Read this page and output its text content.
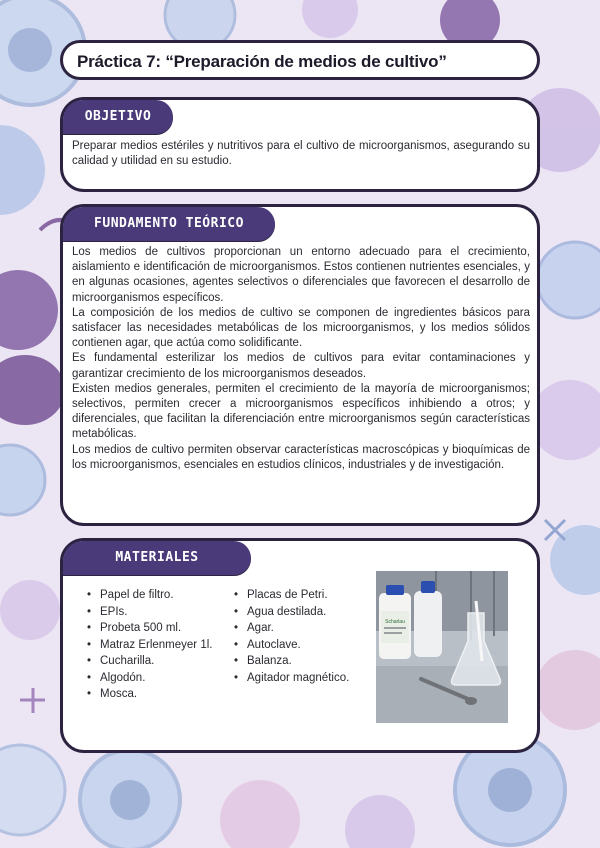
Práctica 7: “Preparación de medios de cultivo”
OBJETIVO
Preparar medios estériles y nutritivos para el cultivo de microorganismos, asegurando su calidad y utilidad en su estudio.
FUNDAMENTO TEÓRICO

Los medios de cultivos proporcionan un entorno adecuado para el crecimiento, aislamiento e identificación de microorganismos. Estos contienen nutrientes esenciales, y en algunas ocasiones, agentes selectivos o diferenciales que favorecen el desarrollo de microorganismos específicos.

La composición de los medios de cultivo se componen de ingredientes básicos para satisfacer las necesidades metabólicas de los microorganismos, y los medios sólidos contienen agar, que actúa como solidificante.

Es fundamental esterilizar los medios de cultivos para evitar contaminaciones y garantizar crecimiento de los microorganismos deseados.

Existen medios generales, permiten el crecimiento de la mayoría de microorganismos; selectivos, permiten crecer a microorganismos específicos inhibiendo a otros; y diferenciales, que facilitan la diferenciación entre microorganismos según características metabólicas.

Los medios de cultivo permiten observar características macroscópicas y bioquímicas de los microorganismos, esenciales en estudios clínicos, industriales y de investigación.

MATERIALES
• Papel de filtro.
• EPIs.
• Probeta 500 ml.
• Matraz Erlenmeyer 1l.
• Cucharilla.
• Algodón.
• Mosca.
• Placas de Petri.
• Agua destilada.
• Agar.
• Autoclave.
• Balanza.
• Agitador magnético.
Scharlau
